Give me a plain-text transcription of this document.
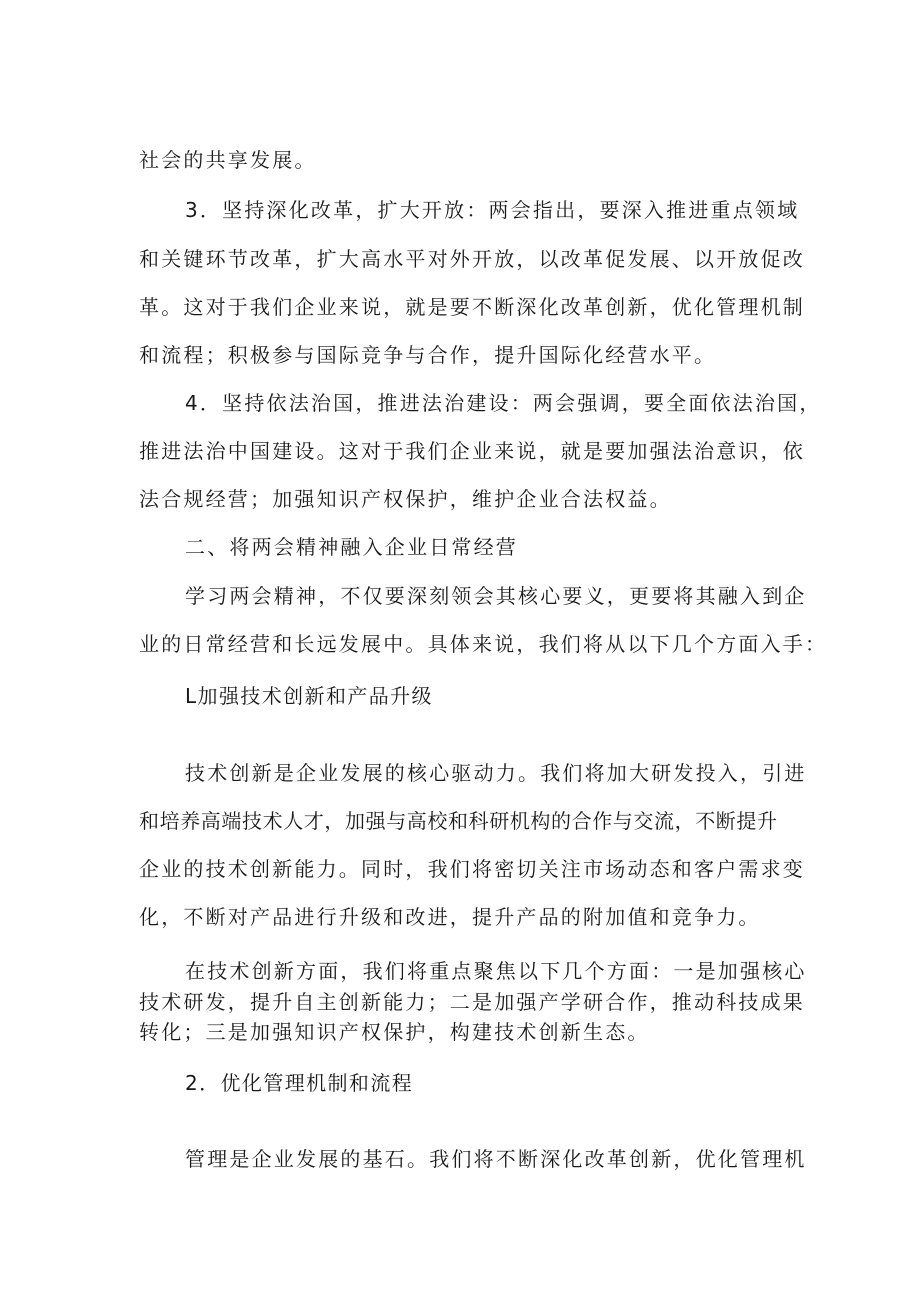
社会的共享发展。

3．坚持深化改革，扩大开放：两会指出，要深入推进重点领域

和关键环节改革，扩大高水平对外开放，以改革促发展、以开放促改

革。这对于我们企业来说，就是要不断深化改革创新，优化管理机制

和流程；积极参与国际竞争与合作，提升国际化经营水平。

4．坚持依法治国，推进法治建设：两会强调，要全面依法治国，

推进法治中国建设。这对于我们企业来说，就是要加强法治意识，依

法合规经营；加强知识产权保护，维护企业合法权益。

二、将两会精神融入企业日常经营

学习两会精神，不仅要深刻领会其核心要义，更要将其融入到企

业的日常经营和长远发展中。具体来说，我们将从以下几个方面入手：

L加强技术创新和产品升级

技术创新是企业发展的核心驱动力。我们将加大研发投入，引进

和培养高端技术人才，加强与高校和科研机构的合作与交流，不断提升

企业的技术创新能力。同时，我们将密切关注市场动态和客户需求变

化，不断对产品进行升级和改进，提升产品的附加值和竞争力。

在技术创新方面，我们将重点聚焦以下几个方面：一是加强核心

技术研发，提升自主创新能力；二是加强产学研合作，推动科技成果

转化；三是加强知识产权保护，构建技术创新生态。

2．优化管理机制和流程

管理是企业发展的基石。我们将不断深化改革创新，优化管理机
